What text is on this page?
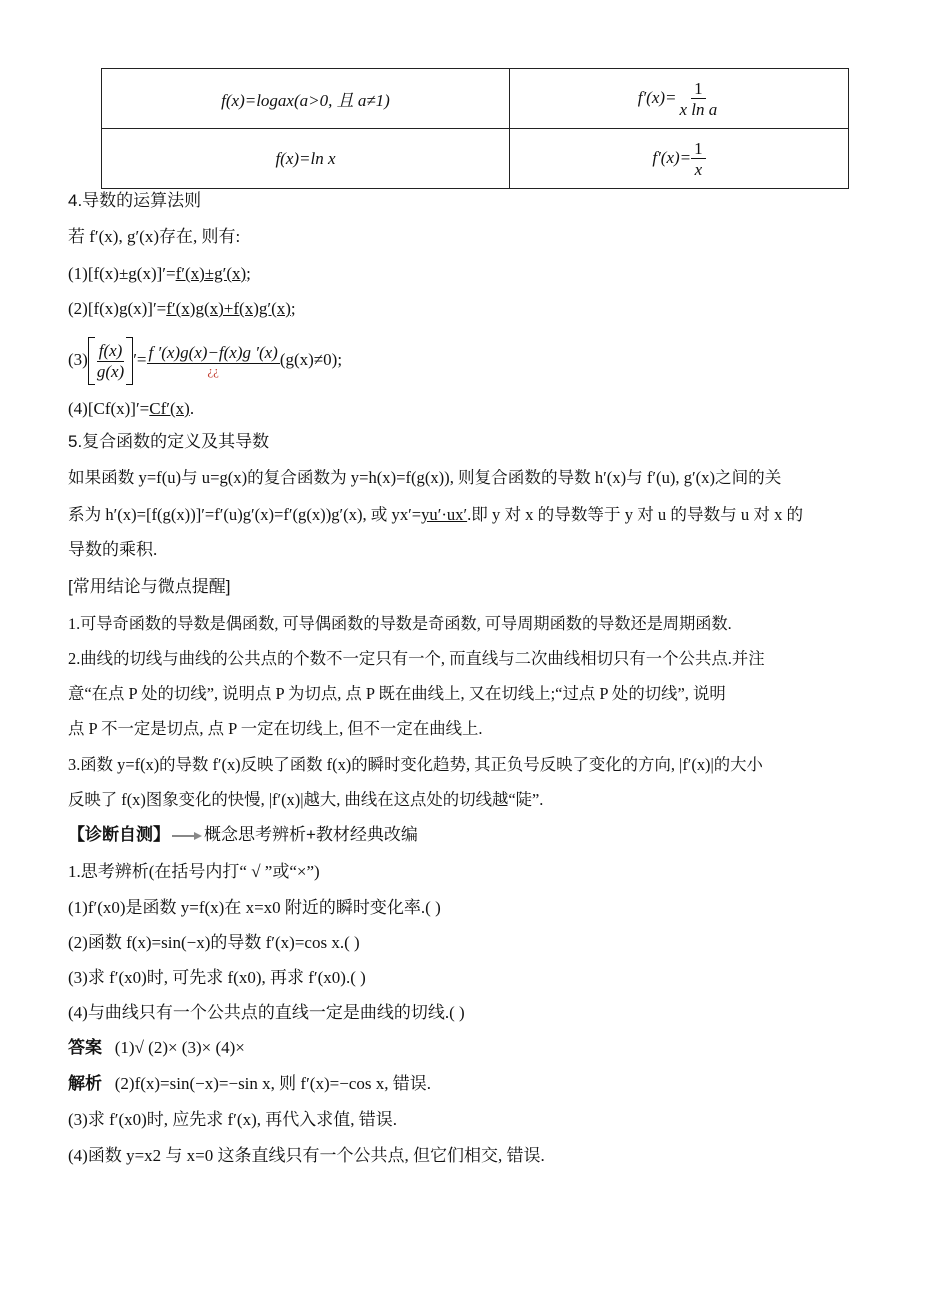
f(x)=logax(a>0, 且 a≠1)	$f'(x)= \frac{1}{\text{x ln a}}$

f(x)=ln x	$f'(x)= \frac{1}{x}$
4.导数的运算法则
若 f′(x), g′(x)存在, 则有:
(1)[f(x)±g(x)]′=f′(x)±g′(x);
(2)[f(x)g(x)]′=f′(x)g(x)+f(x)g′(x);
$(3) \frac{f(x)}{g(x)}$ ′= $\frac{f '(x)g(x)-f(x)g '(x)}{¿¿} (g(x)\ne 0)$;
(4)[Cf(x)]′=Cf′(x).
5.复合函数的定义及其导数
如果函数 y=f(u)与 u=g(x)的复合函数为 y=h(x)=f(g(x)), 则复合函数的导数 h′(x)与 f′(u), g′(x)之间的关
系为 h′(x)=[f(g(x))]′=f′(u)g′(x)=f′(g(x))g′(x), 或 yx′=yu′·ux′.即 y 对 x 的导数等于 y 对 u 的导数与 u 对 x 的
导数的乘积.
[常用结论与微点提醒]
1.可导奇函数的导数是偶函数, 可导偶函数的导数是奇函数, 可导周期函数的导数还是周期函数.
2.曲线的切线与曲线的公共点的个数不一定只有一个, 而直线与二次曲线相切只有一个公共点.并注
意“在点 P 处的切线”, 说明点 P 为切点, 点 P 既在曲线上, 又在切线上;“过点 P 处的切线”, 说明
点 P 不一定是切点, 点 P 一定在切线上, 但不一定在曲线上.
3.函数 y=f(x)的导数 f′(x)反映了函数 f(x)的瞬时变化趋势, 其正负号反映了变化的方向, |f′(x)|的大小
反映了 f(x)图象变化的快慢, |f′(x)|越大, 曲线在这点处的切线越“陡”.
【诊断自测】 概念思考辨析+教材经典改编
1.思考辨析(在括号内打“ √ ”或“×”)
(1)f′(x0)是函数 y=f(x)在 x=x0 附近的瞬时变化率.( )
(2)函数 f(x)=sin(−x)的导数 f′(x)=cos x.( )
(3)求 f′(x0)时, 可先求 f(x0), 再求 f′(x0).( )
(4)与曲线只有一个公共点的直线一定是曲线的切线.( )
答案 (1)√ (2)× (3)× (4)×
解析 (2)f(x)=sin(−x)=−sin x, 则 f′(x)=−cos x, 错误.
(3)求 f′(x0)时, 应先求 f′(x), 再代入求值, 错误.
(4)函数 y=x2 与 x=0 这条直线只有一个公共点, 但它们相交, 错误.
